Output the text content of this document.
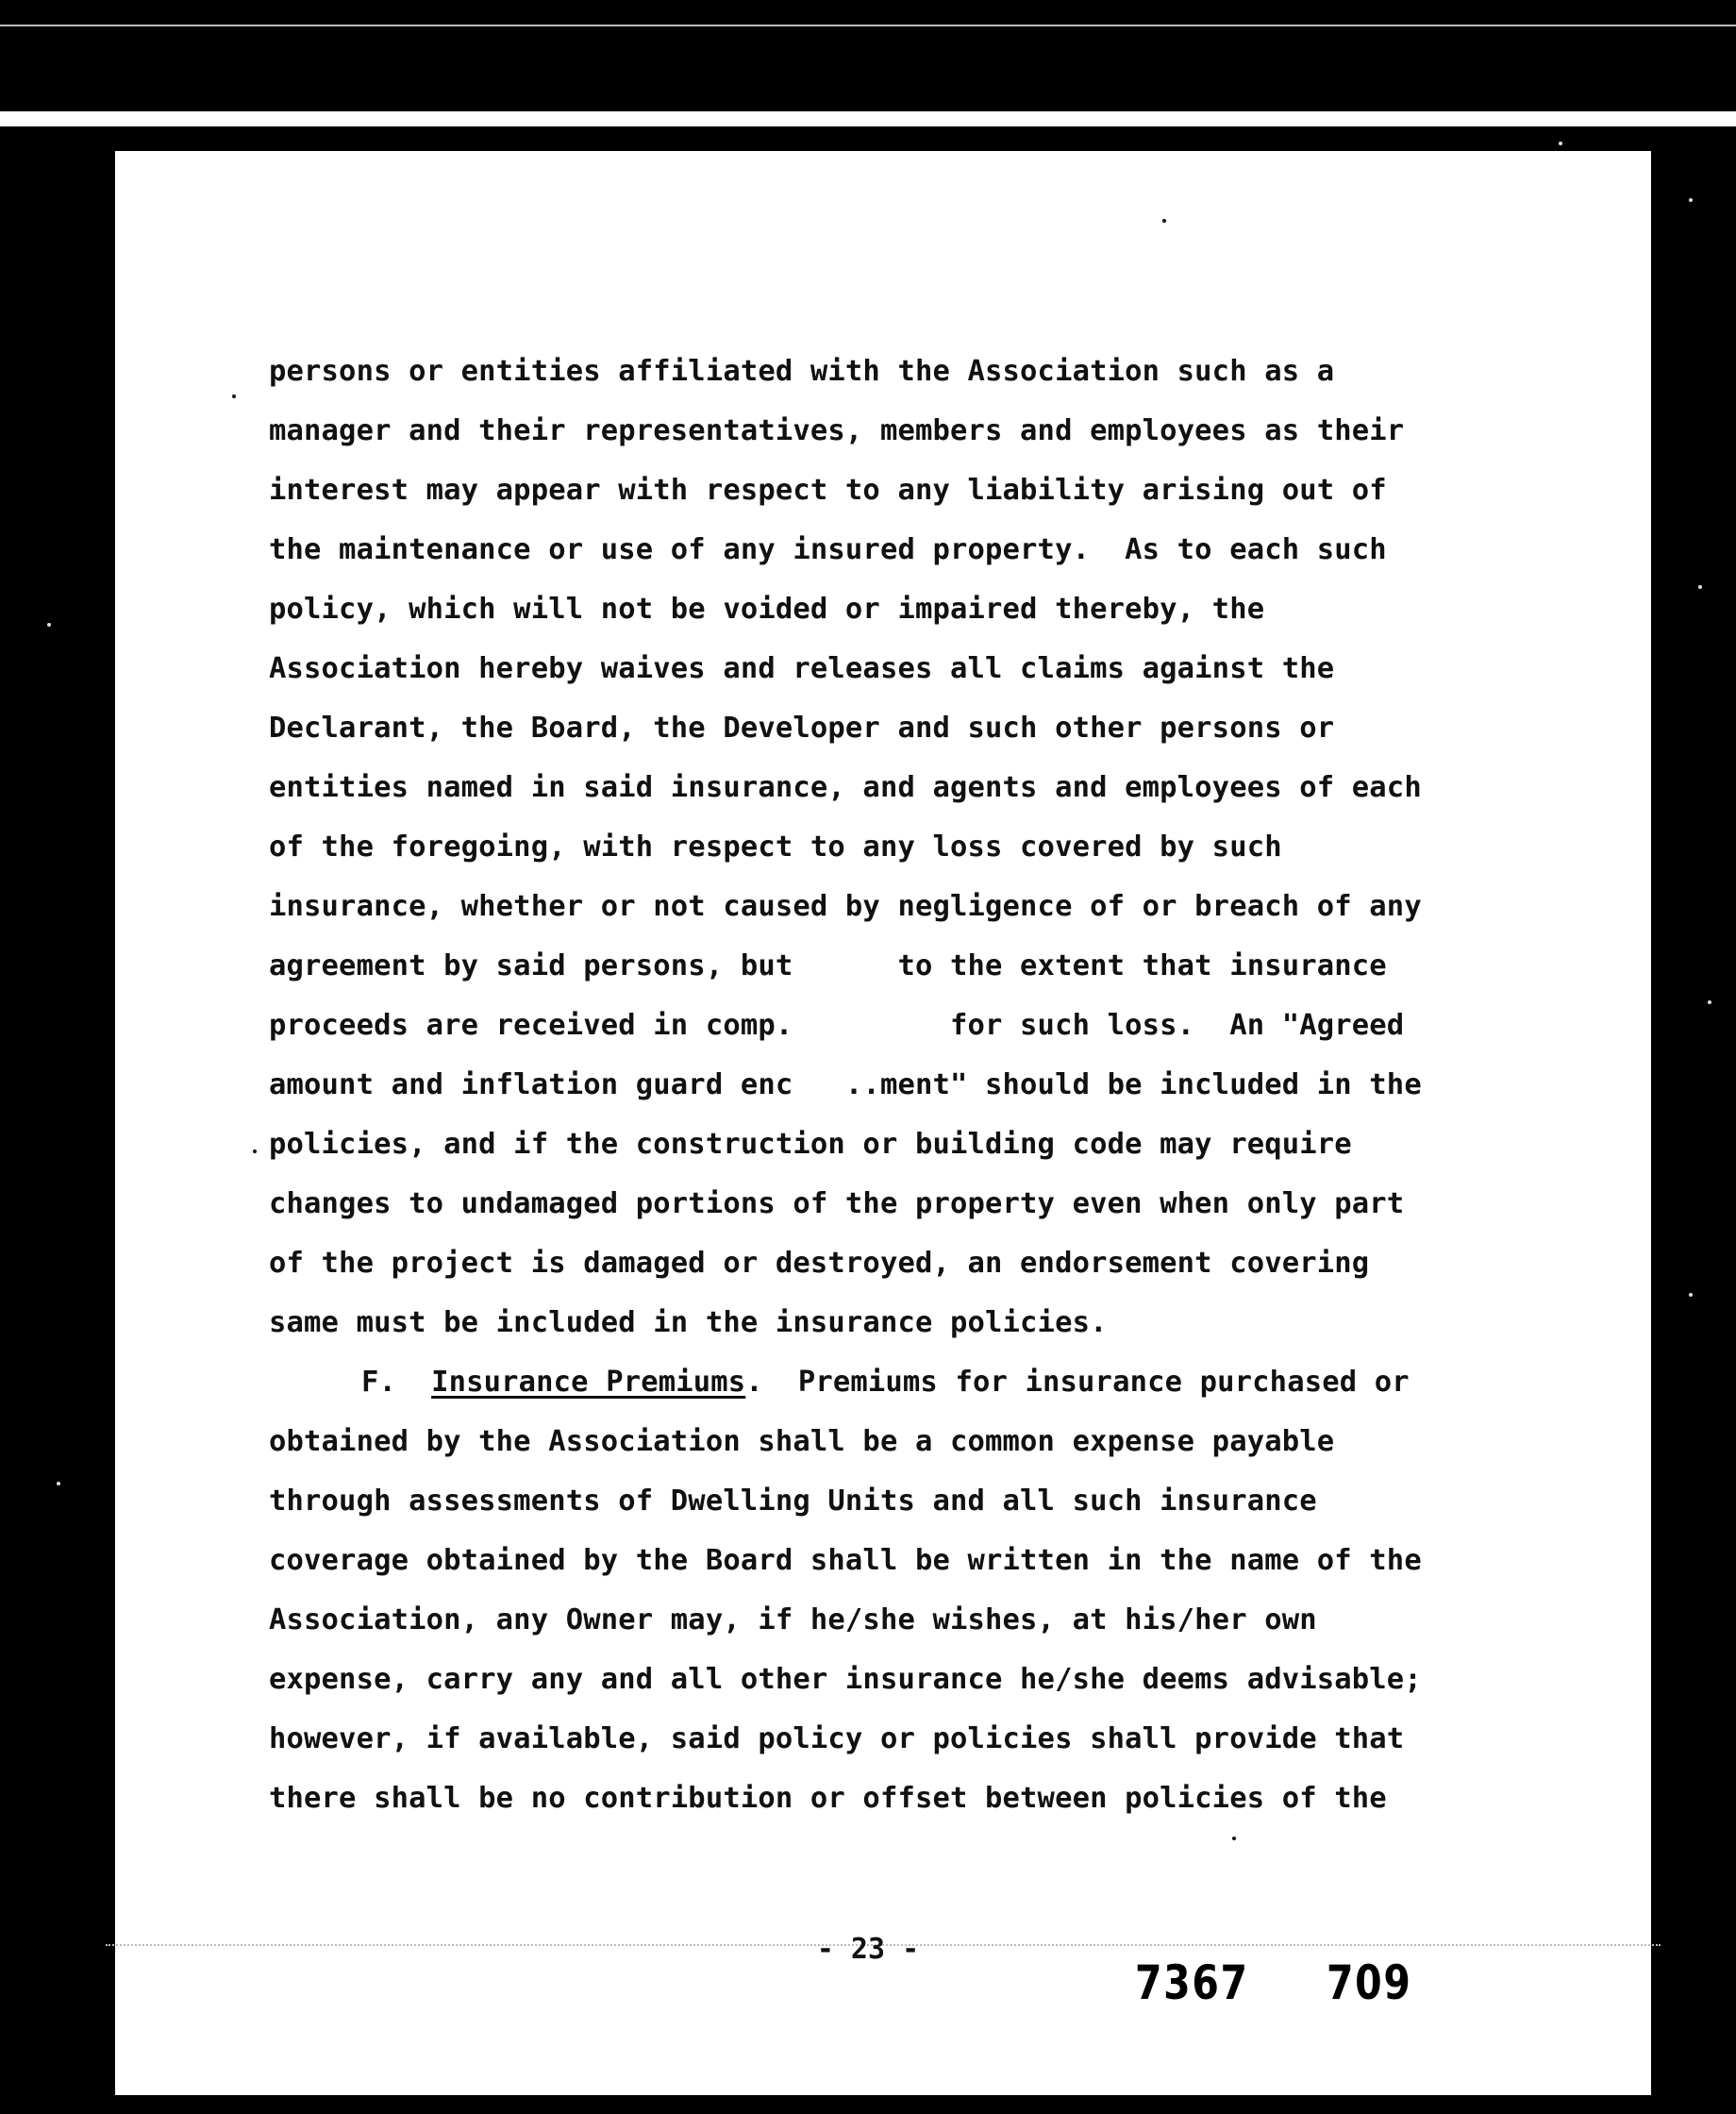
persons or entities affiliated with the Association such as a
manager and their representatives, members and employees as their
interest may appear with respect to any liability arising out of
the maintenance or use of any insured property.  As to each such
policy, which will not be voided or impaired thereby, the
Association hereby waives and releases all claims against the
Declarant, the Board, the Developer and such other persons or
entities named in said insurance, and agents and employees of each
of the foregoing, with respect to any loss covered by such
insurance, whether or not caused by negligence of or breach of any
agreement by said persons, but      to the extent that insurance
proceeds are received in comp.         for such loss.  An "Agreed
amount and inflation guard enc   ..ment" should be included in the
policies, and if the construction or building code may require
changes to undamaged portions of the property even when only part
of the project is damaged or destroyed, an endorsement covering
same must be included in the insurance policies.
F. Insurance Premiums.  Premiums for insurance purchased or
obtained by the Association shall be a common expense payable
through assessments of Dwelling Units and all such insurance
coverage obtained by the Board shall be written in the name of the
Association, any Owner may, if he/she wishes, at his/her own
expense, carry any and all other insurance he/she deems advisable;
however, if available, said policy or policies shall provide that
there shall be no contribution or offset between policies of the
- 23 -
7367 709
